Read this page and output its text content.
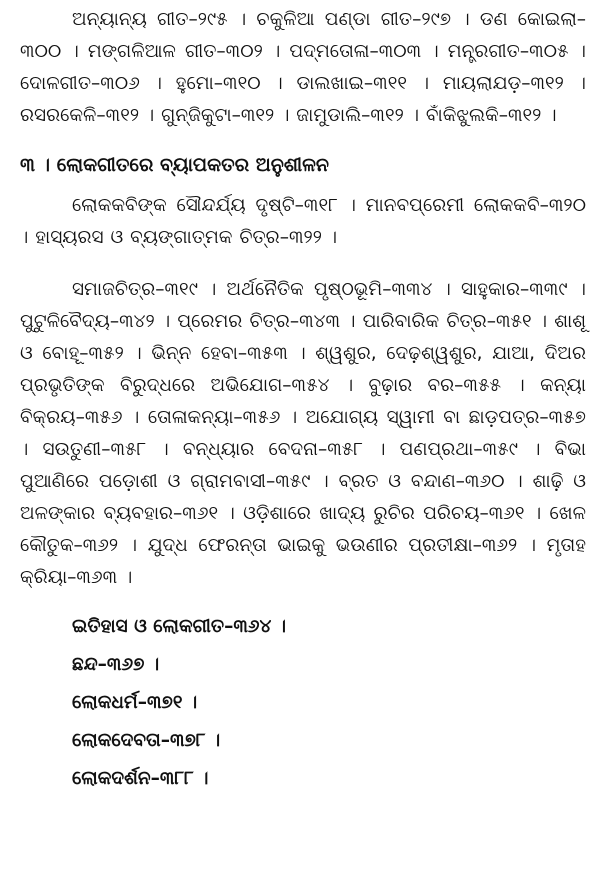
ଅନ୍ୟାନ୍ୟ ଗୀତ–୨୯୫ । ଚକୁଳିଆ ପଣ୍ଡା ଗୀତ–୨୯୭ । ଡଣ କୋଇଲା–୩୦୦ । ମଙ୍ଗଳିଆଳ ଗୀତ–୩୦୨ । ପଦ୍ମତୋଳା–୩୦୩ । ମନ୍ତ୍ରଗୀତ–୩୦୫ । ଦୋଳଗୀତ–୩୦୬ । ହୁମୋ–୩୧୦ । ଡାଲଖାଇ–୩୧୧ । ମାୟଲାଯଡ଼–୩୧୨ । ରସରକେଳି–୩୧୨ । ଗୁନ୍‌ଜିକୁଟା–୩୧୨ । ଜାମୁଡାଲି–୩୧୨ । ବାଁକିଝୁଲକି–୩୧୨ ।

୩ । ଲୋକଗୀତରେ ବ୍ୟାପକତର ଅନୁଶୀଳନ

ଲୋକକବିଙ୍କ ସୌନ୍ଦର୍ଯ୍ୟ ଦୃଷ୍ଟି–୩୧୮ । ମାନବପ୍ରେମୀ ଲୋକକବି–୩୨୦ । ହାସ୍ୟରସ ଓ ବ୍ୟଙ୍ଗାତ୍ମକ ଚିତ୍ର–୩୨୨ ।

ସମାଜଚିତ୍ର–୩୧୯ । ଅର୍ଥନୈତିକ ପୃଷ୍ଠଭୂମି–୩୩୪ । ସାହୁକାର–୩୩୯ । ପୁଟୁଳିବୈଦ୍ୟ–୩୪୨ । ପ୍ରେମର ଚିତ୍ର–୩୪୩ । ପାରିବାରିକ ଚିତ୍ର–୩୫୧ । ଶାଶୂ ଓ ବୋହୂ–୩୫୨ । ଭିନ୍ନ ହେବା–୩୫୩ । ଶ୍ୱଶୁର, ଦେଢ଼ଶ୍ୱଶୁର, ଯାଆ, ଦିଅର ପ୍ରଭୃତିଙ୍କ ବିରୁଦ୍ଧରେ ଅଭିଯୋଗ–୩୫୪ । ବୁଢ଼ାର ବର–୩୫୫ । କନ୍ୟା ବିକ୍ରୟ–୩୫୬ । ତୋଳାକନ୍ୟା–୩୫୬ । ଅଯୋଗ୍ୟ ସ୍ୱାମୀ ବା ଛାଡ଼ପତ୍ର–୩୫୭ । ସଉତୁଣୀ–୩୫୮ । ବନ୍ଧ୍ୟାର ବେଦନା–୩୫୮ । ପଣପ୍ରଥା–୩୫୯ । ବିଭା ପୁଆଣିରେ ପଡ଼ୋଶୀ ଓ ଗ୍ରାମବାସୀ–୩୫୯ । ବ୍ରତ ଓ ବନ୍ଦାଣ–୩୬୦ । ଶାଢ଼ି ଓ ଅଳଙ୍କାର ବ୍ୟବହାର–୩୬୧ । ଓଡ଼ିଶାରେ ଖାଦ୍ୟ ରୁଚିର ପରିଚୟ–୩୬୧ । ଖେଳ କୌତୁକ–୩୬୨ । ଯୁଦ୍ଧ ଫେରନ୍ତା ଭାଇକୁ ଭଉଣୀର ପ୍ରତୀକ୍ଷା–୩୬୨ । ମୃତାହ କ୍ରିୟା–୩୬୩ ।

ଇତିହାସ ଓ ଲୋକଗୀତ–୩୬୪ ।
ଛନ୍ଦ–୩୬୭ ।
ଲୋକଧର୍ମ–୩୭୧ ।
ଲୋକଦେବତା–୩୭୮ ।
ଲୋକଦର୍ଶନ–୩୮୮ ।
